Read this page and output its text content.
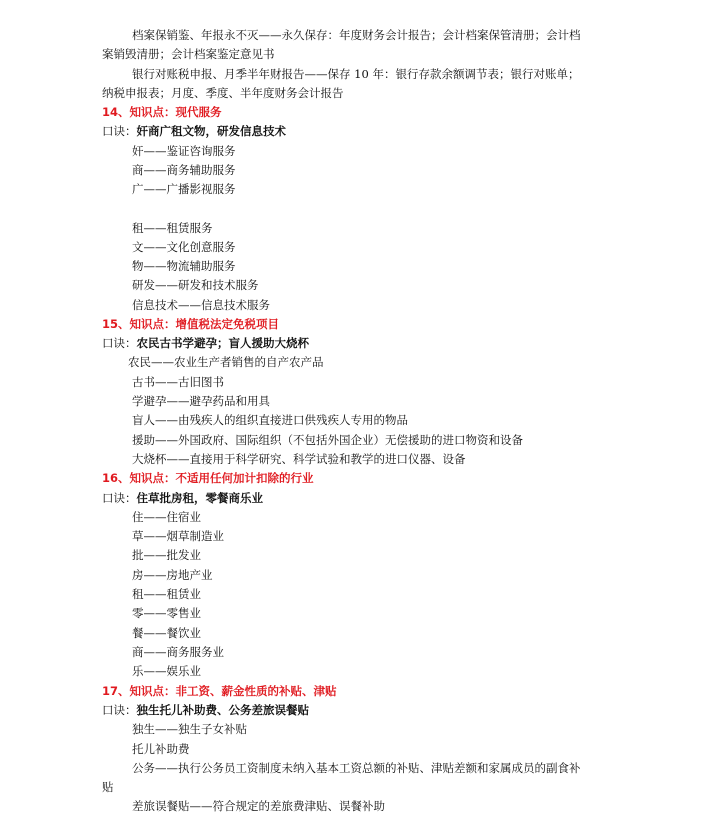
档案保销鉴、年报永不灭——永久保存：年度财务会计报告；会计档案保管清册；会计档
案销毁清册；会计档案鉴定意见书
银行对账税申报、月季半年财报告——保存 10 年：银行存款余额调节表；银行对账单；
纳税申报表；月度、季度、半年度财务会计报告
14、知识点：现代服务
口诀：奸商广租文物，研发信息技术
奸——鉴证咨询服务
商——商务辅助服务
广——广播影视服务
租——租赁服务
文——文化创意服务
物——物流辅助服务
研发——研发和技术服务
信息技术——信息技术服务
15、知识点：增值税法定免税项目
口诀：农民古书学避孕；盲人援助大烧杯
农民——农业生产者销售的自产农产品
古书——古旧图书
学避孕——避孕药品和用具
盲人——由残疾人的组织直接进口供残疾人专用的物品
援助——外国政府、国际组织（不包括外国企业）无偿援助的进口物资和设备
大烧杯——直接用于科学研究、科学试验和教学的进口仪器、设备
16、知识点：不适用任何加计扣除的行业
口诀：住草批房租，零餐商乐业
住——住宿业
草——烟草制造业
批——批发业
房——房地产业
租——租赁业
零——零售业
餐——餐饮业
商——商务服务业
乐——娱乐业
17、知识点：非工资、薪金性质的补贴、津贴
口诀：独生托儿补助费、公务差旅误餐贴
独生——独生子女补贴
托儿补助费
公务——执行公务员工资制度未纳入基本工资总额的补贴、津贴差额和家属成员的副食补
贴
差旅误餐贴——符合规定的差旅费津贴、误餐补助
